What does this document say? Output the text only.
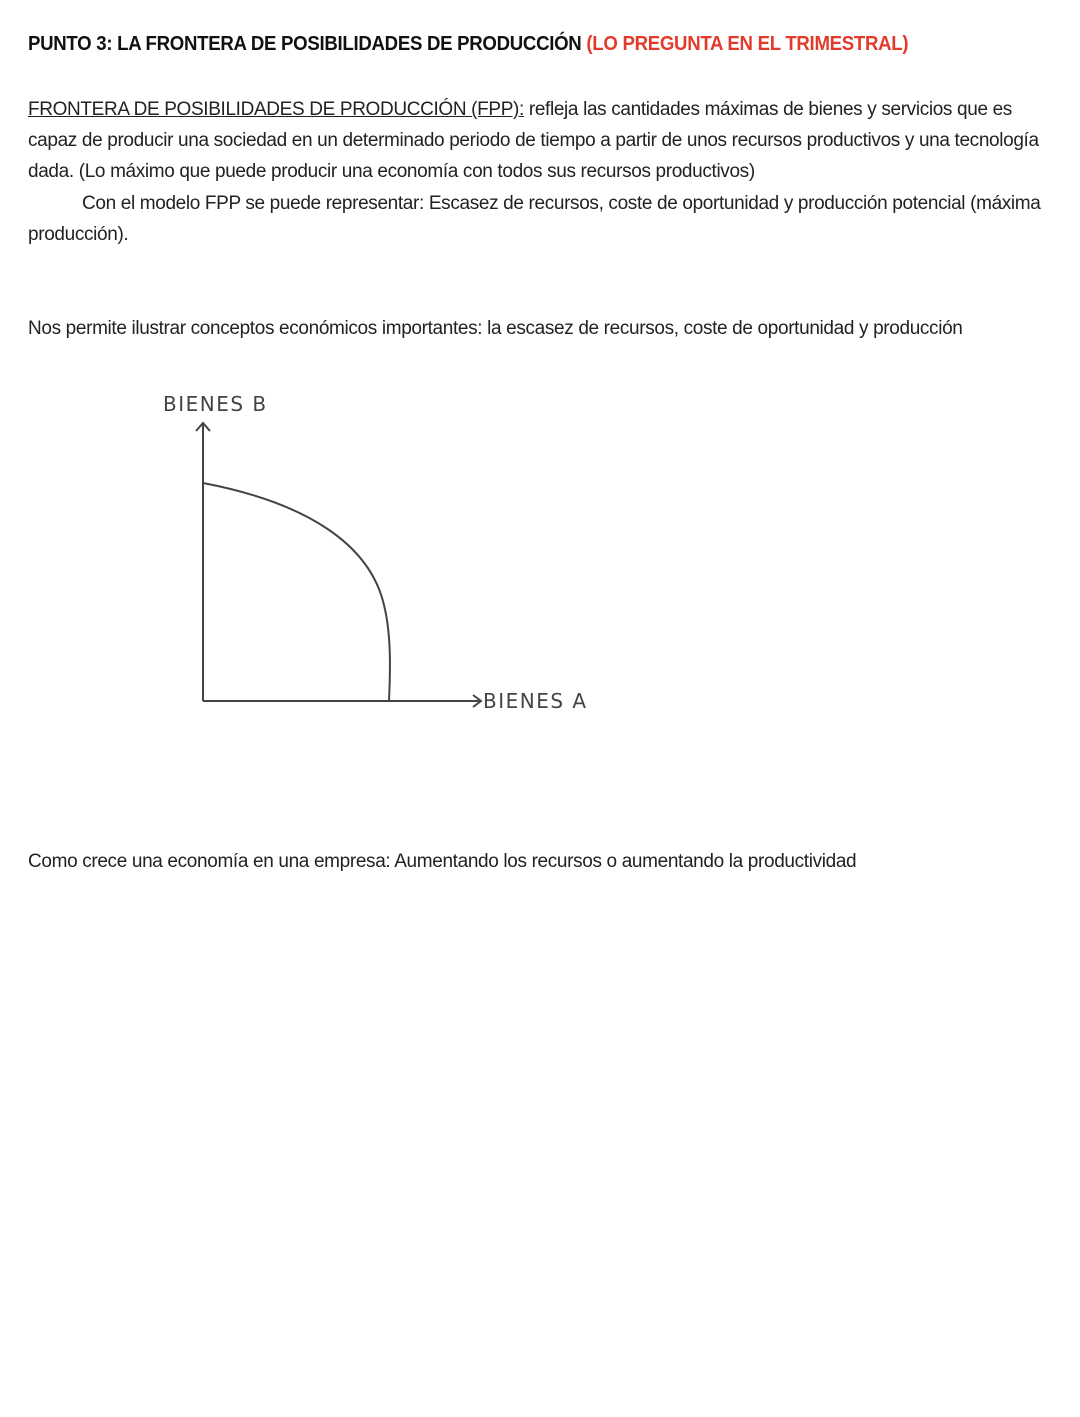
PUNTO 3: LA FRONTERA DE POSIBILIDADES DE PRODUCCIÓN (LO PREGUNTA EN EL TRIMESTRAL)
FRONTERA DE POSIBILIDADES DE PRODUCCIÓN (FPP): refleja las cantidades máximas de bienes y servicios que es capaz de producir una sociedad en un determinado periodo de tiempo a partir de unos recursos productivos y una tecnología dada. (Lo máximo que puede producir una economía con todos sus recursos productivos)
Con el modelo FPP se puede representar: Escasez de recursos, coste de oportunidad y producción potencial (máxima producción).
Nos permite ilustrar conceptos económicos importantes: la escasez de recursos, coste de oportunidad y producción
BIENES B
BIENES A
Como crece una economía en una empresa: Aumentando los recursos o aumentando la productividad
